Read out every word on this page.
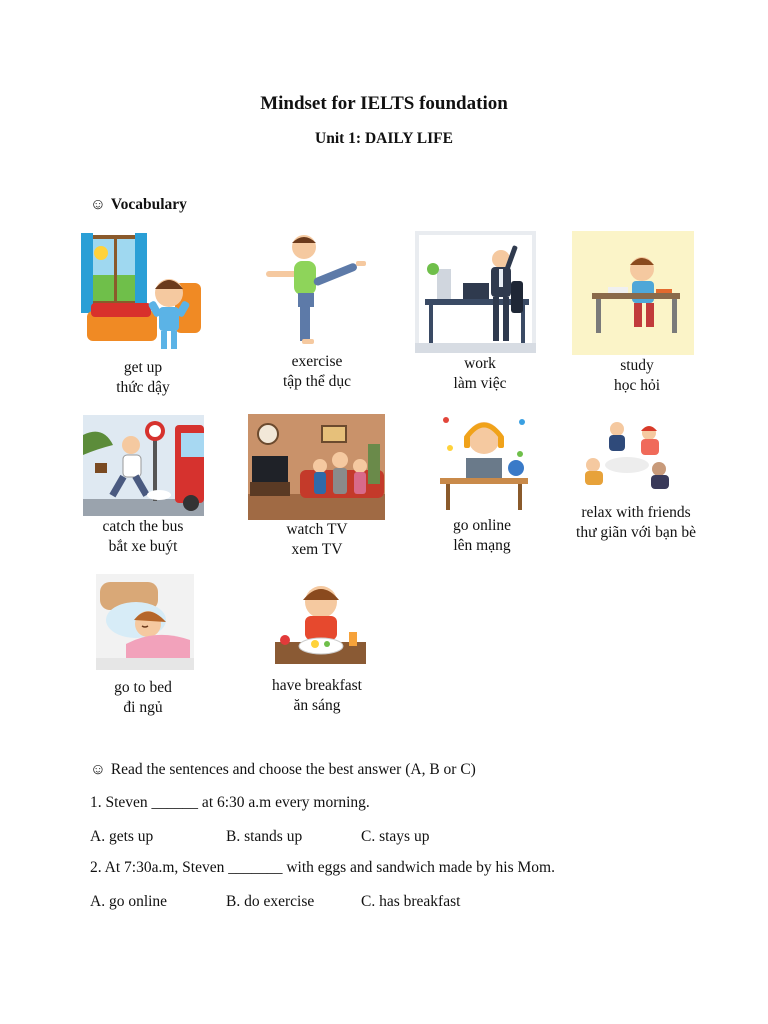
Mindset for IELTS foundation
Unit 1: DAILY LIFE
☺ Vocabulary
get up
thức dậy
exercise
tập thể dục
work
làm việc
study
học hỏi
catch the bus
bắt xe buýt
watch TV
xem TV
go online
lên mạng
relax with friends
thư giãn với bạn bè
go to bed
đi ngủ
have breakfast
ăn sáng
☺ Read the sentences and choose the best answer (A, B or C)
1. Steven ______ at 6:30 a.m every morning.
A. gets up	B. stands up	C. stays up
2. At 7:30a.m, Steven _______ with eggs and sandwich made by his Mom.
A. go online	B. do exercise	C. has breakfast
